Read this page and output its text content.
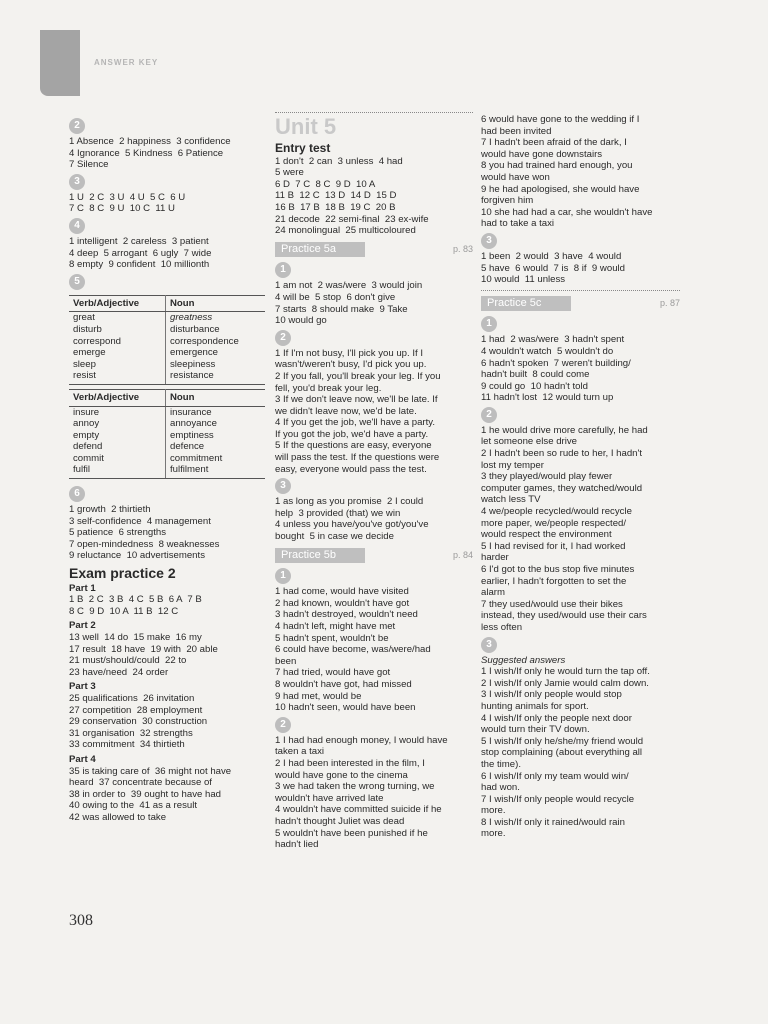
ANSWER KEY
2
1 Absence  2 happiness  3 confidence
4 Ignorance  5 Kindness  6 Patience
7 Silence
3
1 U  2 C  3 U  4 U  5 C  6 U
7 C  8 C  9 U  10 C  11 U
4
1 intelligent  2 careless  3 patient
4 deep  5 arrogant  6 ugly  7 wide
8 empty  9 confident  10 millionth
5
Verb/Adjective	Noun
great	greatness
disturb	disturbance
correspond	correspondence
emerge	emergence
sleep	sleepiness
resist	resistance
Verb/Adjective	Noun
insure	insurance
annoy	annoyance
empty	emptiness
defend	defence
commit	commitment
fulfil	fulfilment
6
1 growth  2 thirtieth
3 self-confidence  4 management
5 patience  6 strengths
7 open-mindedness  8 weaknesses
9 reluctance  10 advertisements
Exam practice 2
Part 1
1 B  2 C  3 B  4 C  5 B  6 A  7 B
8 C  9 D  10 A  11 B  12 C
Part 2
13 well  14 do  15 make  16 my
17 result  18 have  19 with  20 able
21 must/should/could  22 to
23 have/need  24 order
Part 3
25 qualifications  26 invitation
27 competition  28 employment
29 conservation  30 construction
31 organisation  32 strengths
33 commitment  34 thirtieth
Part 4
35 is taking care of  36 might not have
heard  37 concentrate because of
38 in order to  39 ought to have had
40 owing to the  41 as a result
42 was allowed to take
Unit 5
Entry test
1 don't  2 can  3 unless  4 had
5 were
6 D  7 C  8 C  9 D  10 A
11 B  12 C  13 D  14 D  15 D
16 B  17 B  18 B  19 C  20 B
21 decode  22 semi-final  23 ex-wife
24 monolingual  25 multicoloured
Practice 5a	p. 83
1
1 am not  2 was/were  3 would join
4 will be  5 stop  6 don't give
7 starts  8 should make  9 Take
10 would go
2
1 If I'm not busy, I'll pick you up. If I
wasn't/weren't busy, I'd pick you up.
2 If you fall, you'll break your leg. If you
fell, you'd break your leg.
3 If we don't leave now, we'll be late. If
we didn't leave now, we'd be late.
4 If you get the job, we'll have a party.
If you got the job, we'd have a party.
5 If the questions are easy, everyone
will pass the test. If the questions were
easy, everyone would pass the test.
3
1 as long as you promise  2 I could
help  3 provided (that) we win
4 unless you have/you've got/you've
bought  5 in case we decide
Practice 5b	p. 84
1
1 had come, would have visited
2 had known, wouldn't have got
3 hadn't destroyed, wouldn't need
4 hadn't left, might have met
5 hadn't spent, wouldn't be
6 could have become, was/were/had
been
7 had tried, would have got
8 wouldn't have got, had missed
9 had met, would be
10 hadn't seen, would have been
2
1 I had had enough money, I would have
taken a taxi
2 I had been interested in the film, I
would have gone to the cinema
3 we had taken the wrong turning, we
wouldn't have arrived late
4 wouldn't have committed suicide if he
hadn't thought Juliet was dead
5 wouldn't have been punished if he
hadn't lied
6 would have gone to the wedding if I
had been invited
7 I hadn't been afraid of the dark, I
would have gone downstairs
8 you had trained hard enough, you
would have won
9 he had apologised, she would have
forgiven him
10 she had had a car, she wouldn't have
had to take a taxi
3
1 been  2 would  3 have  4 would
5 have  6 would  7 is  8 if  9 would
10 would  11 unless
Practice 5c	p. 87
1
1 had  2 was/were  3 hadn't spent
4 wouldn't watch  5 wouldn't do
6 hadn't spoken  7 weren't building/
hadn't built  8 could come
9 could go  10 hadn't told
11 hadn't lost  12 would turn up
2
1 he would drive more carefully, he had
let someone else drive
2 I hadn't been so rude to her, I hadn't
lost my temper
3 they played/would play fewer
computer games, they watched/would
watch less TV
4 we/people recycled/would recycle
more paper, we/people respected/
would respect the environment
5 I had revised for it, I had worked
harder
6 I'd got to the bus stop five minutes
earlier, I hadn't forgotten to set the
alarm
7 they used/would use their bikes
instead, they used/would use their cars
less often
3
Suggested answers
1 I wish/If only he would turn the tap off.
2 I wish/If only Jamie would calm down.
3 I wish/If only people would stop
hunting animals for sport.
4 I wish/If only the people next door
would turn their TV down.
5 I wish/If only he/she/my friend would
stop complaining (about everything all
the time).
6 I wish/If only my team would win/
had won.
7 I wish/If only people would recycle
more.
8 I wish/If only it rained/would rain
more.
308
